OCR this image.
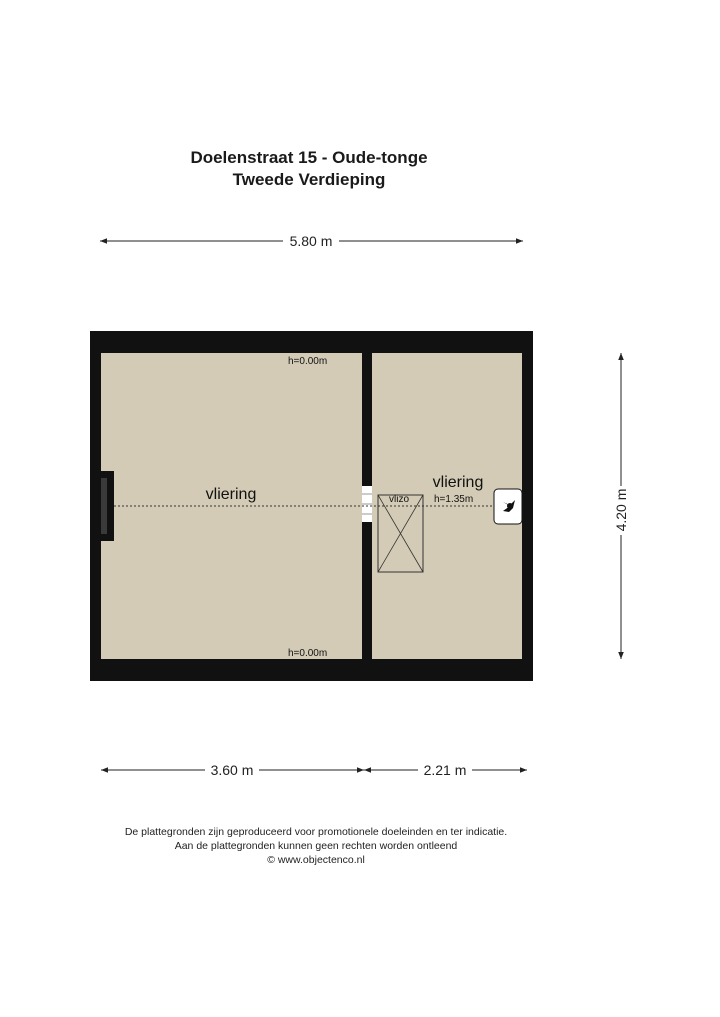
Doelenstraat 15 - Oude-tonge
Tweede Verdieping
5.80 m
h=0.00m
vliering
h=0.00m
vliering
vlizo h=1.35m	4.20 m
3.60 m	2.21 m
De plattegronden zijn geproduceerd voor promotionele doeleinden en ter indicatie.
Aan de plattegronden kunnen geen rechten worden ontleend
© www.objectenco.nl
